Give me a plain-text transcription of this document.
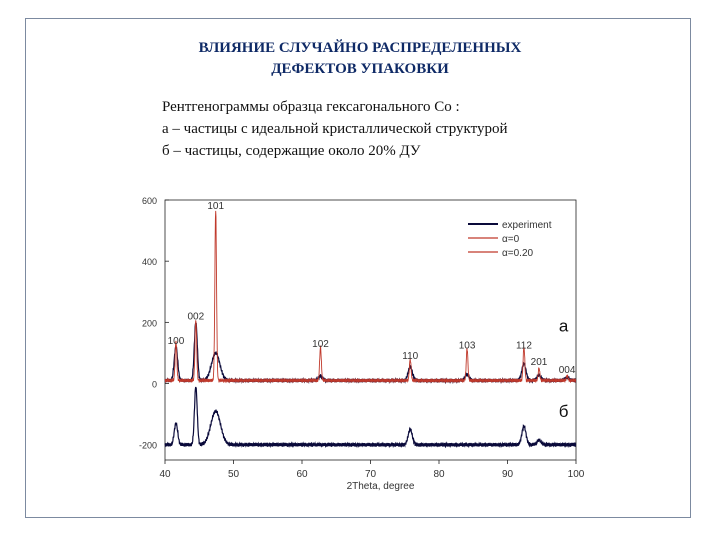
ВЛИЯНИЕ СЛУЧАЙНО РАСПРЕДЕЛЕННЫХ
ДЕФЕКТОВ УПАКОВКИ
Рентгенограммы образца гексагонального Co :
а – частицы с идеальной кристаллической структурой
б – частицы, содержащие около 20% ДУ
40	50	60	70	80	90	100
600
400
200
0
-200
2Theta, degree
100
002
101
102
110
103	112
201
004
а
б
experiment
α=0
α=0.20
